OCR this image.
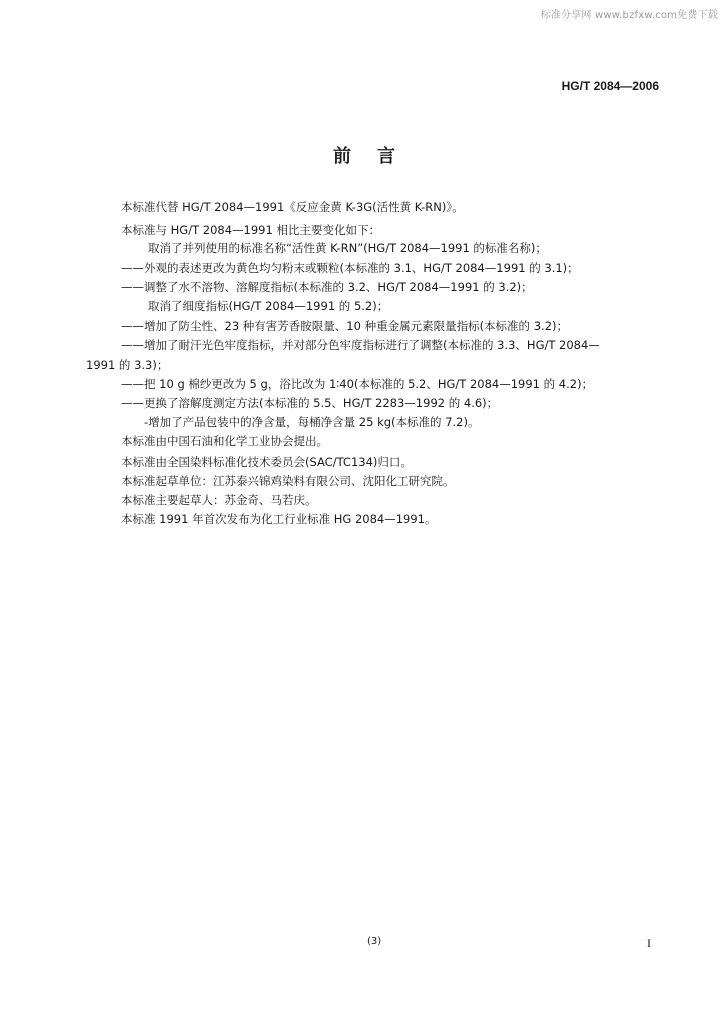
标准分享网 www.bzfxw.com免费下载
HG/T 2084—2006
前言
本标准代替 HG/T 2084—1991《反应金黄 K-3G(活性黄 K-RN)》。
本标准与 HG/T 2084—1991 相比主要变化如下：
取消了并列使用的标准名称“活性黄 K-RN”(HG/T 2084—1991 的标准名称)；
——外观的表述更改为黄色均匀粉末或颗粒(本标准的 3.1、HG/T 2084—1991 的 3.1)；
——调整了水不溶物、溶解度指标(本标准的 3.2、HG/T 2084—1991 的 3.2)；
取消了细度指标(HG/T 2084—1991 的 5.2)；
——增加了防尘性、23 种有害芳香胺限量、10 种重金属元素限量指标(本标准的 3.2)；
——增加了耐汗光色牢度指标，并对部分色牢度指标进行了调整(本标准的 3.3、HG/T 2084—
1991 的 3.3)；
——把 10 g 棉纱更改为 5 g，浴比改为 1∶40(本标准的 5.2、HG/T 2084—1991 的 4.2)；
——更换了溶解度测定方法(本标准的 5.5、HG/T 2283—1992 的 4.6)；
-增加了产品包装中的净含量，每桶净含量 25 kg(本标准的 7.2)。
本标准由中国石油和化学工业协会提出。
本标准由全国染料标准化技术委员会(SAC/TC134)归口。
本标准起草单位：江苏泰兴锦鸡染料有限公司、沈阳化工研究院。
本标准主要起草人：苏金奇、马若庆。
本标准 1991 年首次发布为化工行业标准 HG 2084—1991。
(3)	I
